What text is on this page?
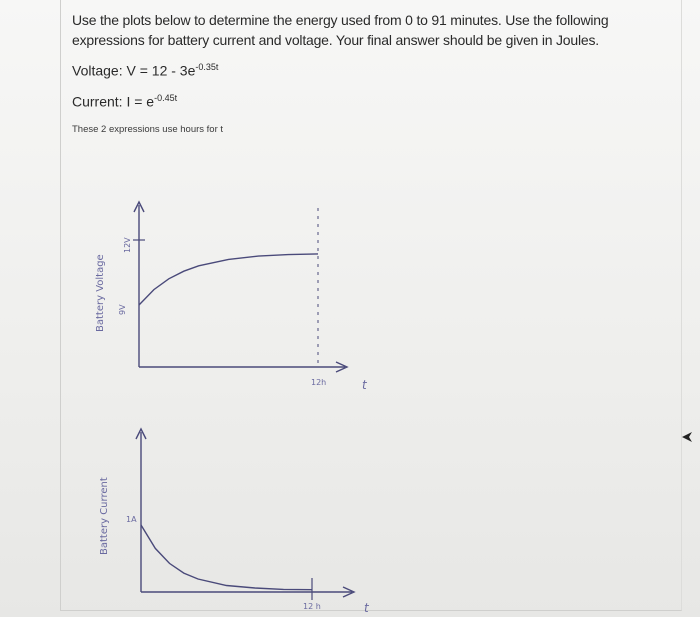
Use the plots below to determine the energy used from 0 to 91 minutes. Use the following expressions for battery current and voltage. Your final answer should be given in Joules.
Voltage: $V = 12 - 3e^{-0.35t}$
Current: $I = e^{-0.45t}$
These 2 expressions use hours for t
Battery Voltage
12V
9V
12h	t
Battery Current 1A
12 h	t
